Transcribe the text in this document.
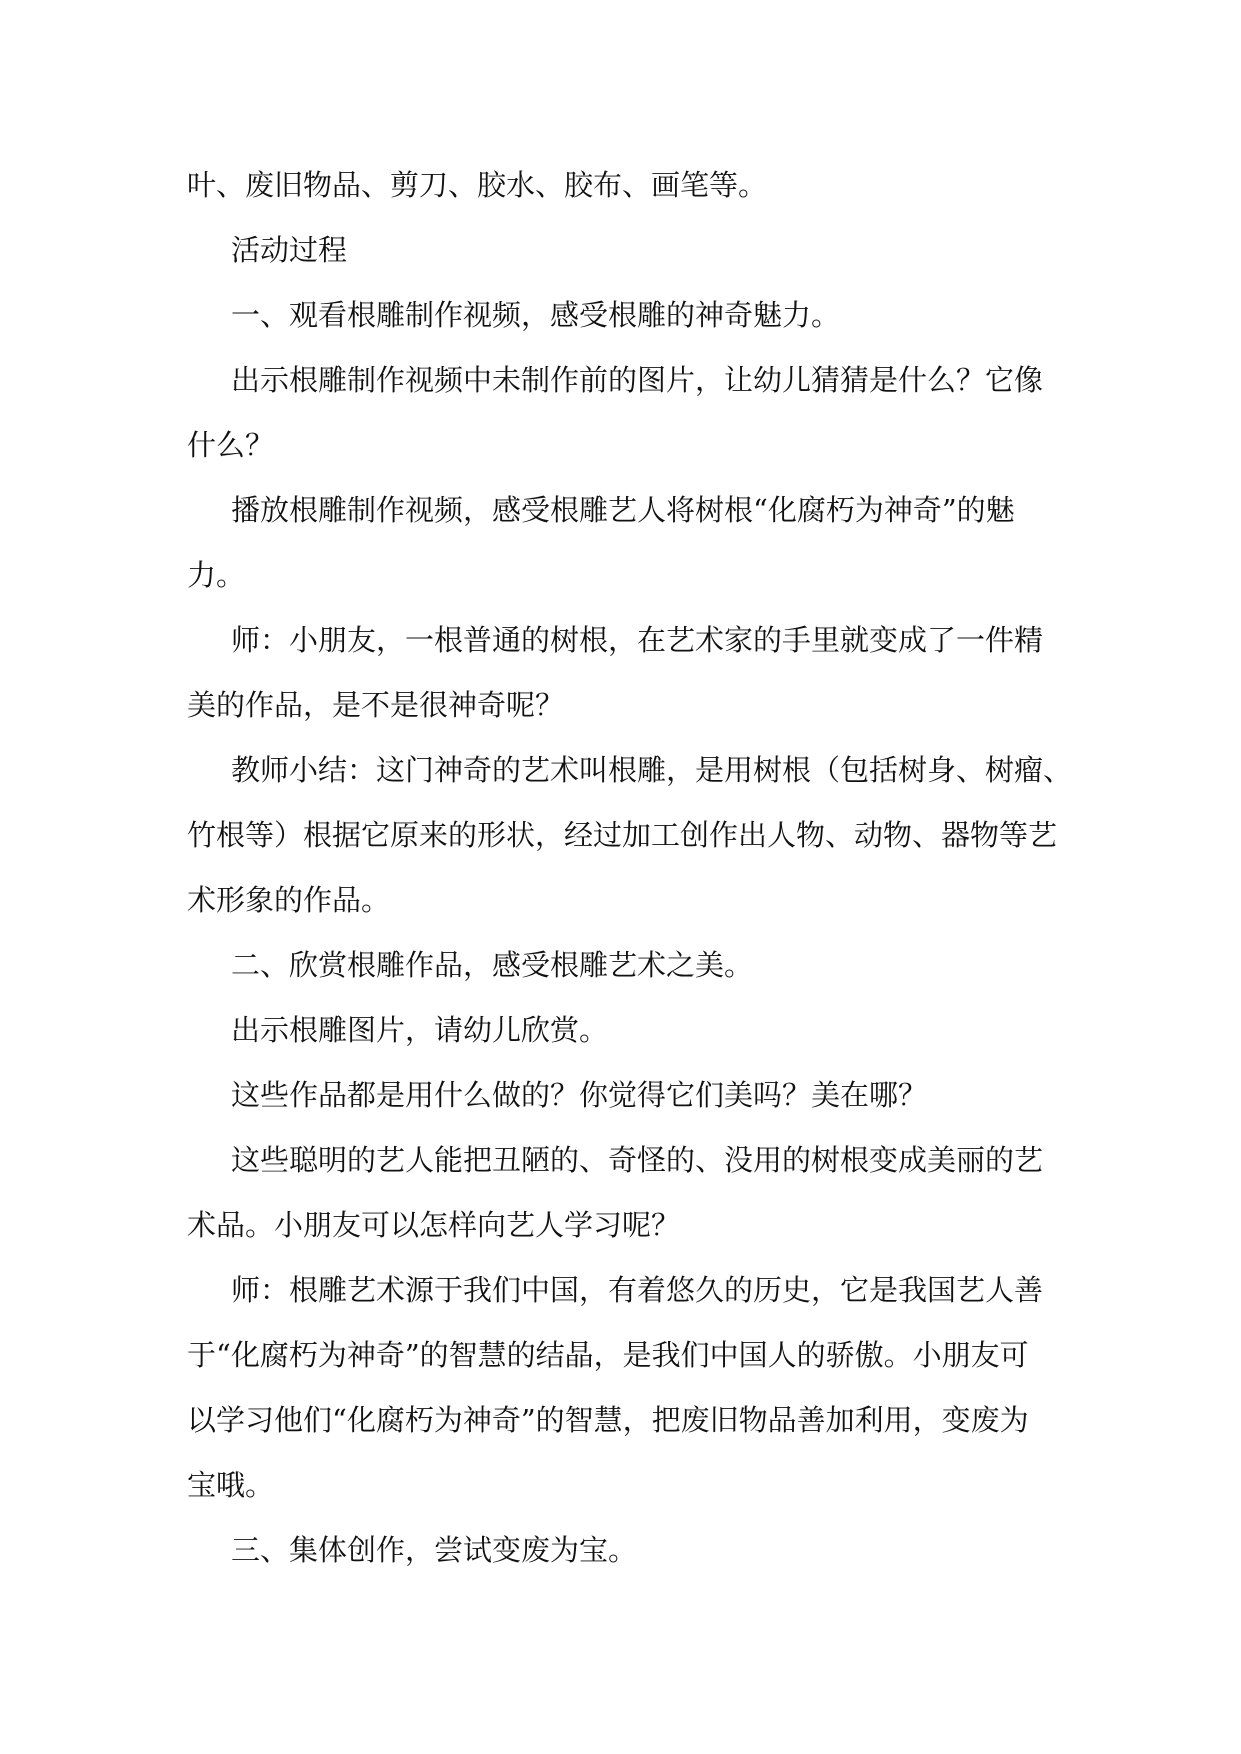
叶、废旧物品、剪刀、胶水、胶布、画笔等。
活动过程
一、观看根雕制作视频，感受根雕的神奇魅力。
出示根雕制作视频中未制作前的图片，让幼儿猜猜是什么？它像
什么？
播放根雕制作视频，感受根雕艺人将树根“化腐朽为神奇”的魅
力。
师：小朋友，一根普通的树根，在艺术家的手里就变成了一件精
美的作品，是不是很神奇呢？
教师小结：这门神奇的艺术叫根雕，是用树根（包括树身、树瘤、
竹根等）根据它原来的形状，经过加工创作出人物、动物、器物等艺
术形象的作品。
二、欣赏根雕作品，感受根雕艺术之美。
出示根雕图片，请幼儿欣赏。
这些作品都是用什么做的？你觉得它们美吗？美在哪？
这些聪明的艺人能把丑陋的、奇怪的、没用的树根变成美丽的艺
术品。小朋友可以怎样向艺人学习呢？
师：根雕艺术源于我们中国，有着悠久的历史，它是我国艺人善
于“化腐朽为神奇”的智慧的结晶，是我们中国人的骄傲。小朋友可
以学习他们“化腐朽为神奇”的智慧，把废旧物品善加利用，变废为
宝哦。
三、集体创作，尝试变废为宝。
